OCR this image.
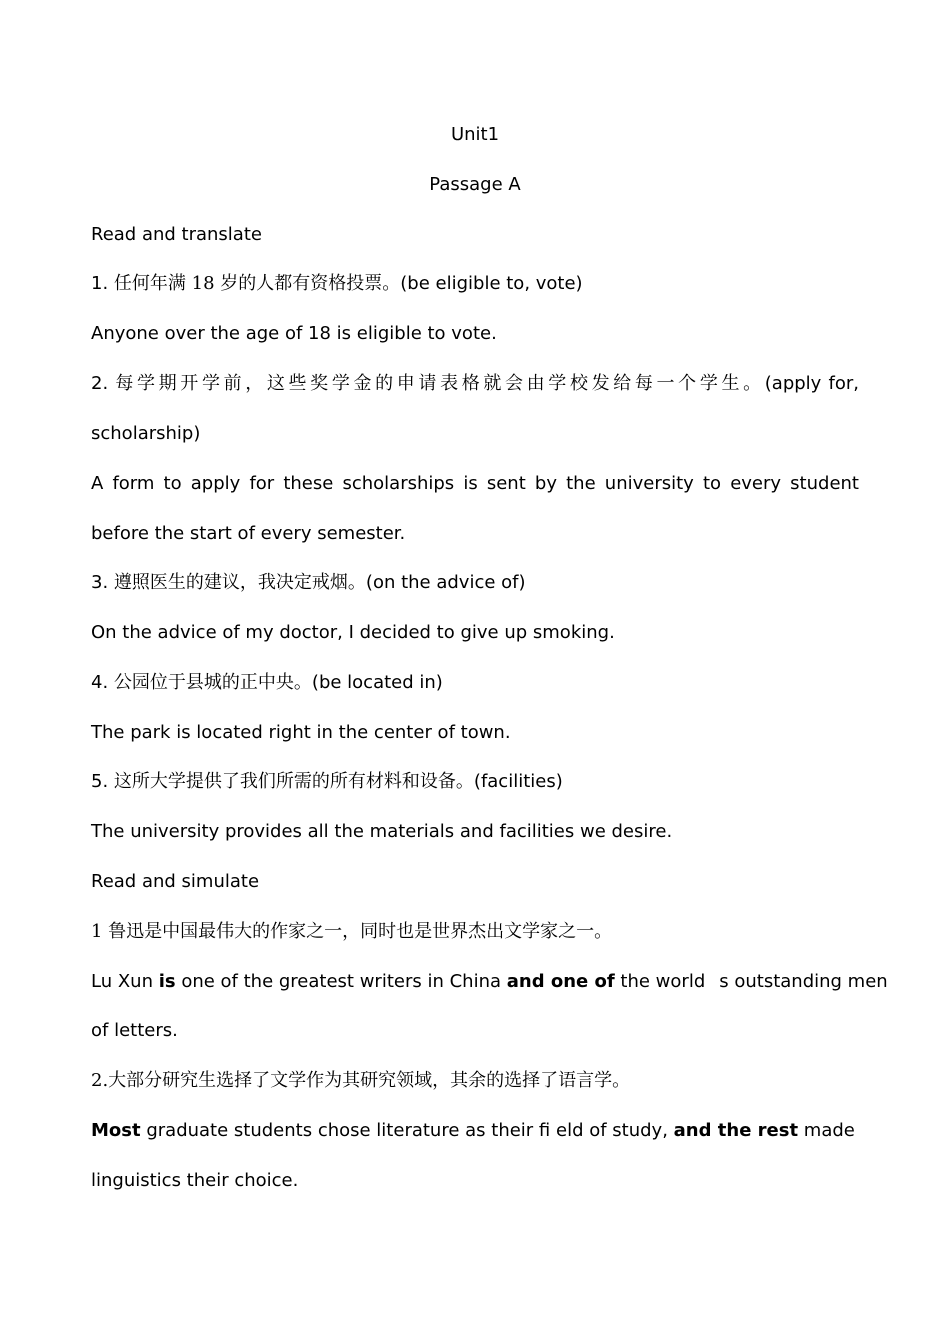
Unit1
Passage A
Read and translate
1. 任何年满 18 岁的人都有资格投票。(be eligible to, vote)
Anyone over the age of 18 is eligible to vote.
2. 每学期开学前，这些奖学金的申请表格就会由学校发给每一个学生。(apply for,
scholarship)
A form to apply for these scholarships is sent by the university to every student
before the start of every semester.
3. 遵照医生的建议，我决定戒烟。(on the advice of)
On the advice of my doctor, I decided to give up smoking.
4. 公园位于县城的正中央。(be located in)
The park is located right in the center of town.
5. 这所大学提供了我们所需的所有材料和设备。(facilities)
The university provides all the materials and facilities we desire.
Read and simulate
1 鲁迅是中国最伟大的作家之一，同时也是世界杰出文学家之一。
Lu Xun is one of the greatest writers in China and one of the world s outstanding men
of letters.
2.大部分研究生选择了文学作为其研究领域，其余的选择了语言学。
Most graduate students chose literature as their fi eld of study, and the rest made
linguistics their choice.
